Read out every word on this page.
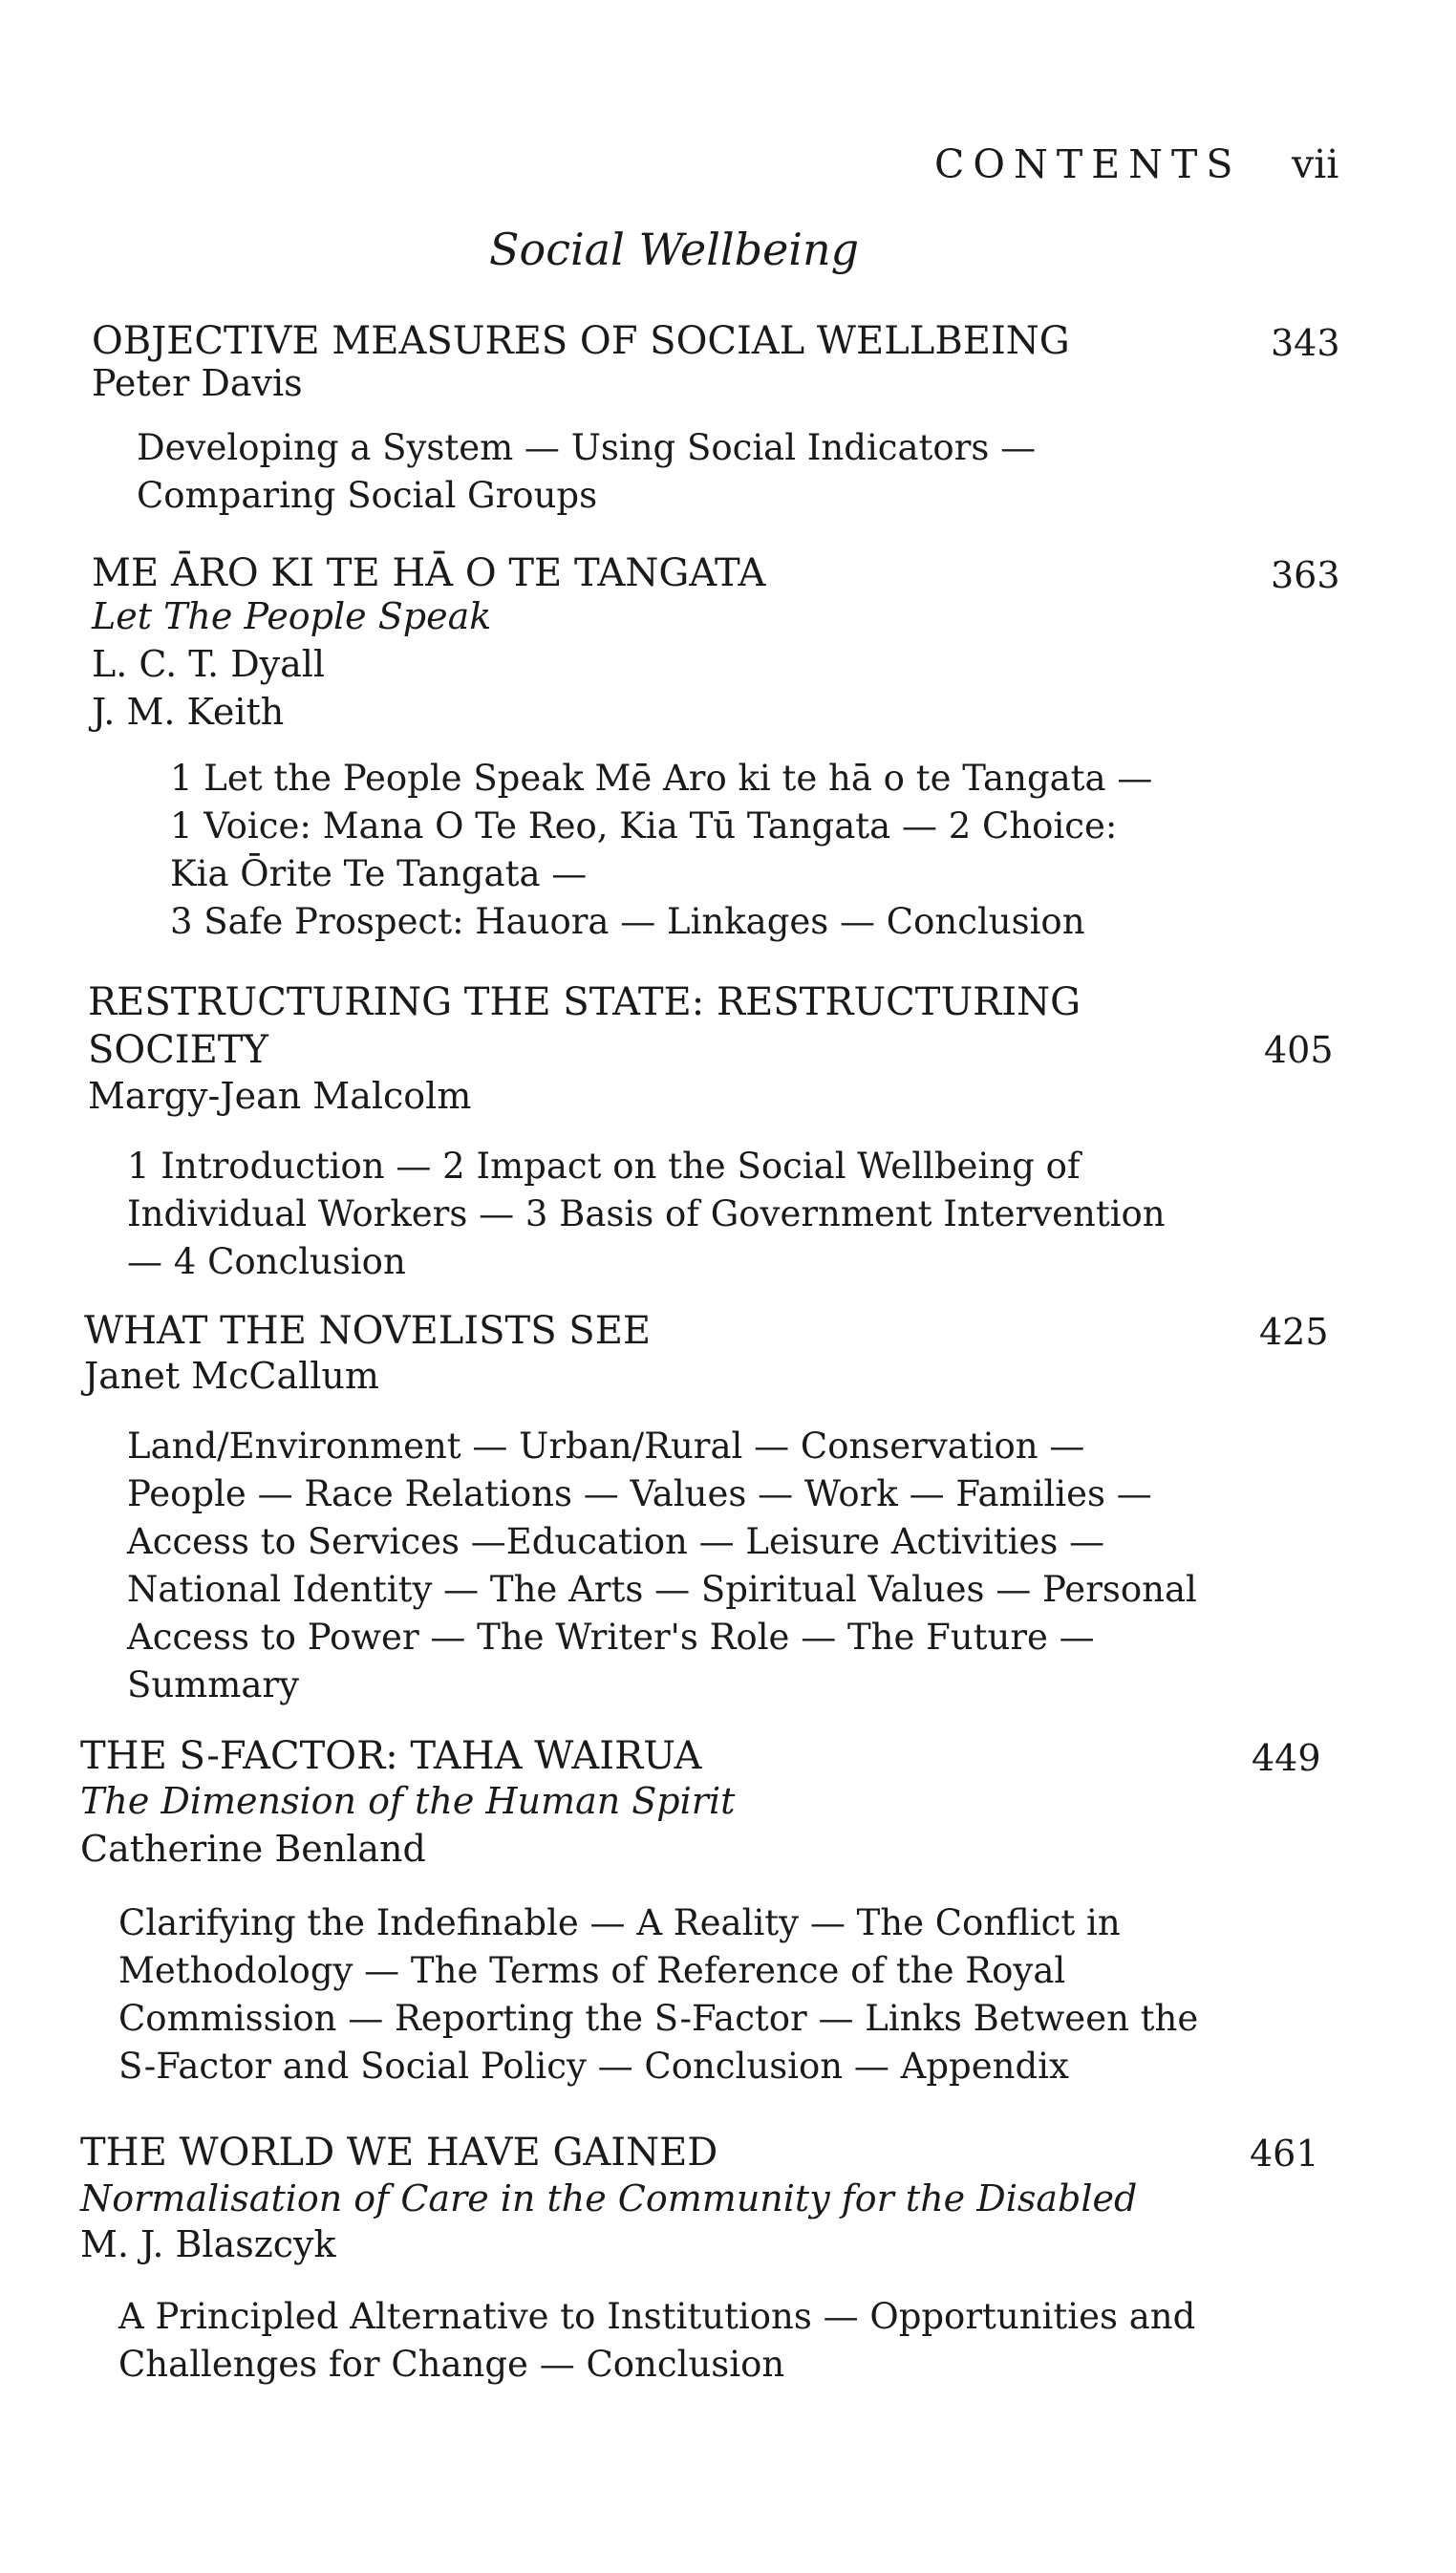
CONTENTS vii
Social Wellbeing
OBJECTIVE MEASURES OF SOCIAL WELLBEING	343
Peter Davis
Developing a System — Using Social Indicators —
Comparing Social Groups
ME ĀRO KI TE HĀ O TE TANGATA	363
Let The People Speak
L. C. T. Dyall
J. M. Keith
1 Let the People Speak Mē Aro ki te hā o te Tangata —
1 Voice: Mana O Te Reo, Kia Tū Tangata — 2 Choice:
Kia Ōrite Te Tangata —
3 Safe Prospect: Hauora — Linkages — Conclusion
RESTRUCTURING THE STATE: RESTRUCTURING
SOCIETY	405
Margy-Jean Malcolm
1 Introduction — 2 Impact on the Social Wellbeing of
Individual Workers — 3 Basis of Government Intervention
— 4 Conclusion
WHAT THE NOVELISTS SEE	425
Janet McCallum
Land/Environment — Urban/Rural — Conservation —
People — Race Relations — Values — Work — Families —
Access to Services —Education — Leisure Activities —
National Identity — The Arts — Spiritual Values — Personal
Access to Power — The Writer's Role — The Future —
Summary
THE S-FACTOR: TAHA WAIRUA	449
The Dimension of the Human Spirit
Catherine Benland
Clarifying the Indefinable — A Reality — The Conflict in
Methodology — The Terms of Reference of the Royal
Commission — Reporting the S-Factor — Links Between the
S-Factor and Social Policy — Conclusion — Appendix
THE WORLD WE HAVE GAINED	461
Normalisation of Care in the Community for the Disabled
M. J. Blaszcyk
A Principled Alternative to Institutions — Opportunities and
Challenges for Change — Conclusion
